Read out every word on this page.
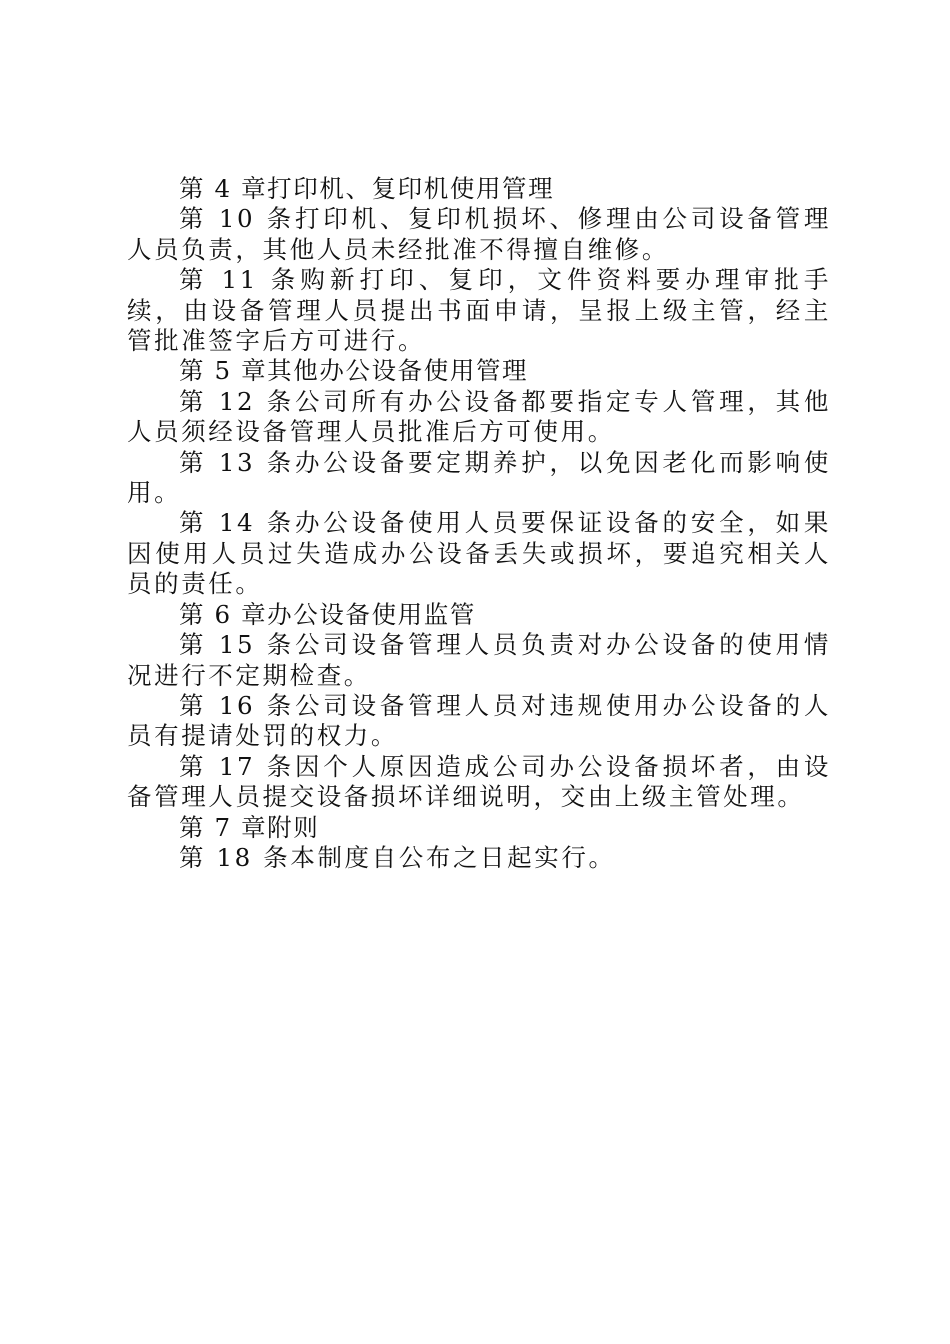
第 4 章打印机、复印机使用管理

第 10 条打印机、复印机损坏、修理由公司设备管理人员负责，其他人员未经批准不得擅自维修。

第 11 条购新打印、复印，文件资料要办理审批手续，由设备管理人员提出书面申请，呈报上级主管，经主管批准签字后方可进行。

第 5 章其他办公设备使用管理

第 12 条公司所有办公设备都要指定专人管理，其他人员须经设备管理人员批准后方可使用。

第 13 条办公设备要定期养护，以免因老化而影响使用。

第 14 条办公设备使用人员要保证设备的安全，如果因使用人员过失造成办公设备丢失或损坏，要追究相关人员的责任。

第 6 章办公设备使用监管

第 15 条公司设备管理人员负责对办公设备的使用情况进行不定期检查。

第 16 条公司设备管理人员对违规使用办公设备的人员有提请处罚的权力。

第 17 条因个人原因造成公司办公设备损坏者，由设备管理人员提交设备损坏详细说明，交由上级主管处理。

第 7 章附则

第 18 条本制度自公布之日起实行。
